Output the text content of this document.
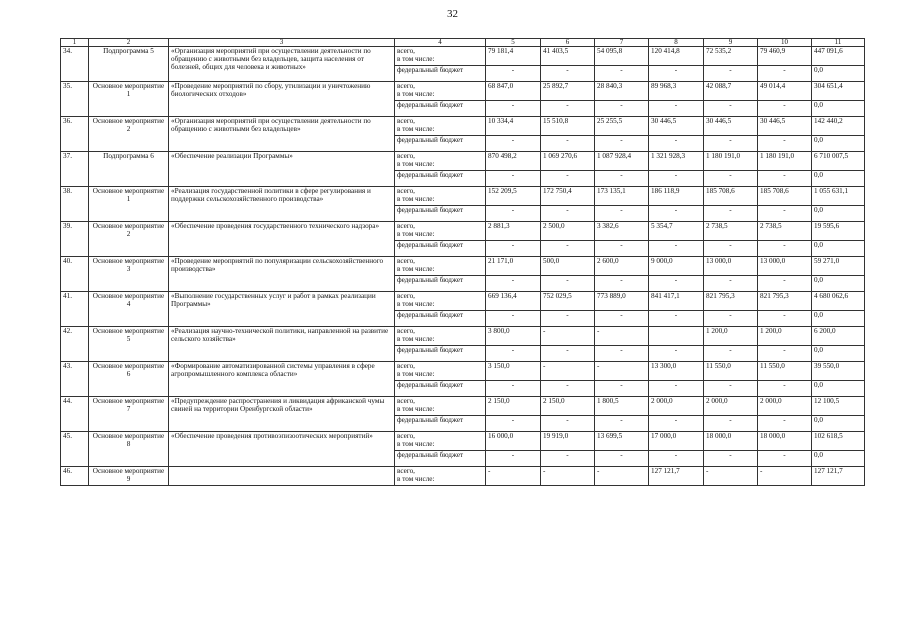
32
1	2	3	4	5	6	7	8	9	10	11
34.	Подпрограмма 5	«Организация мероприятий при осуществлении деятельности по обращению с животными без владельцев, защита населения от болезней, общих для человека и животных»	всего,
в том числе:	79 181,4	41 403,5	54 095,8	120 414,8	72 535,2	79 460,9	447 091,6
			федеральный бюджет	-	-	-	-	-	-	0,0
35.	Основное мероприятие 1	«Проведение мероприятий по сбору, утилизации и уничтожению биологических отходов»	всего,
в том числе:	68 847,0	25 892,7	28 840,3	89 968,3	42 088,7	49 014,4	304 651,4
			федеральный бюджет	-	-	-	-	-	-	0,0
36.	Основное мероприятие 2	«Организация мероприятий при осуществлении деятельности по обращению с животными без владельцев»	всего,
в том числе:	10 334,4	15 510,8	25 255,5	30 446,5	30 446,5	30 446,5	142 440,2
			федеральный бюджет	-	-	-	-	-	-	0,0
37.	Подпрограмма 6	«Обеспечение реализации Программы»	всего,
в том числе:	870 498,2	1 069 270,6	1 087 928,4	1 321 928,3	1 180 191,0	1 180 191,0	6 710 007,5
			федеральный бюджет	-	-	-	-	-	-	0,0
38.	Основное мероприятие 1	«Реализация государственной политики в сфере регулирования и поддержки сельскохозяйственного производства»	всего,
в том числе:	152 209,5	172 750,4	173 135,1	186 118,9	185 708,6	185 708,6	1 055 631,1
			федеральный бюджет	-	-	-	-	-	-	0,0
39.	Основное мероприятие 2	«Обеспечение проведения государственного технического надзора»	всего,
в том числе:	2 881,3	2 500,0	3 382,6	5 354,7	2 738,5	2 738,5	19 595,6
			федеральный бюджет	-	-	-	-	-	-	0,0
40.	Основное мероприятие 3	«Проведение мероприятий по популяризации сельскохозяйственного производства»	всего,
в том числе:	21 171,0	500,0	2 600,0	9 000,0	13 000,0	13 000,0	59 271,0
			федеральный бюджет	-	-	-	-	-	-	0,0
41.	Основное мероприятие 4	«Выполнение государственных услуг и работ в рамках реализации Программы»	всего,
в том числе:	669 136,4	752 029,5	773 889,0	841 417,1	821 795,3	821 795,3	4 680 062,6
			федеральный бюджет	-	-	-	-	-	-	0,0
42.	Основное мероприятие 5	«Реализация научно-технической политики, направленной на развитие сельского хозяйства»	всего,
в том числе:	3 800,0	-	-		1 200,0	1 200,0	6 200,0
			федеральный бюджет	-	-	-	-	-	-	0,0
43.	Основное мероприятие 6	«Формирование автоматизированной системы управления в сфере агропромышленного комплекса области»	всего,
в том числе:	3 150,0	-	-	13 300,0	11 550,0	11 550,0	39 550,0
			федеральный бюджет	-	-	-	-	-	-	0,0
44.	Основное мероприятие 7	«Предупреждение распространения и ликвидация африканской чумы свиней на территории Оренбургской области»	всего,
в том числе:	2 150,0	2 150,0	1 800,5	2 000,0	2 000,0	2 000,0	12 100,5
			федеральный бюджет	-	-	-	-	-	-	0,0
45.	Основное мероприятие 8	«Обеспечение проведения противоэпизоотических мероприятий»	всего,
в том числе:	16 000,0	19 919,0	13 699,5	17 000,0	18 000,0	18 000,0	102 618,5
			федеральный бюджет	-	-	-	-	-	-	0,0
46.	Основное мероприятие 9		всего,
в том числе:	-	-	-	127 121,7	-	-	127 121,7
